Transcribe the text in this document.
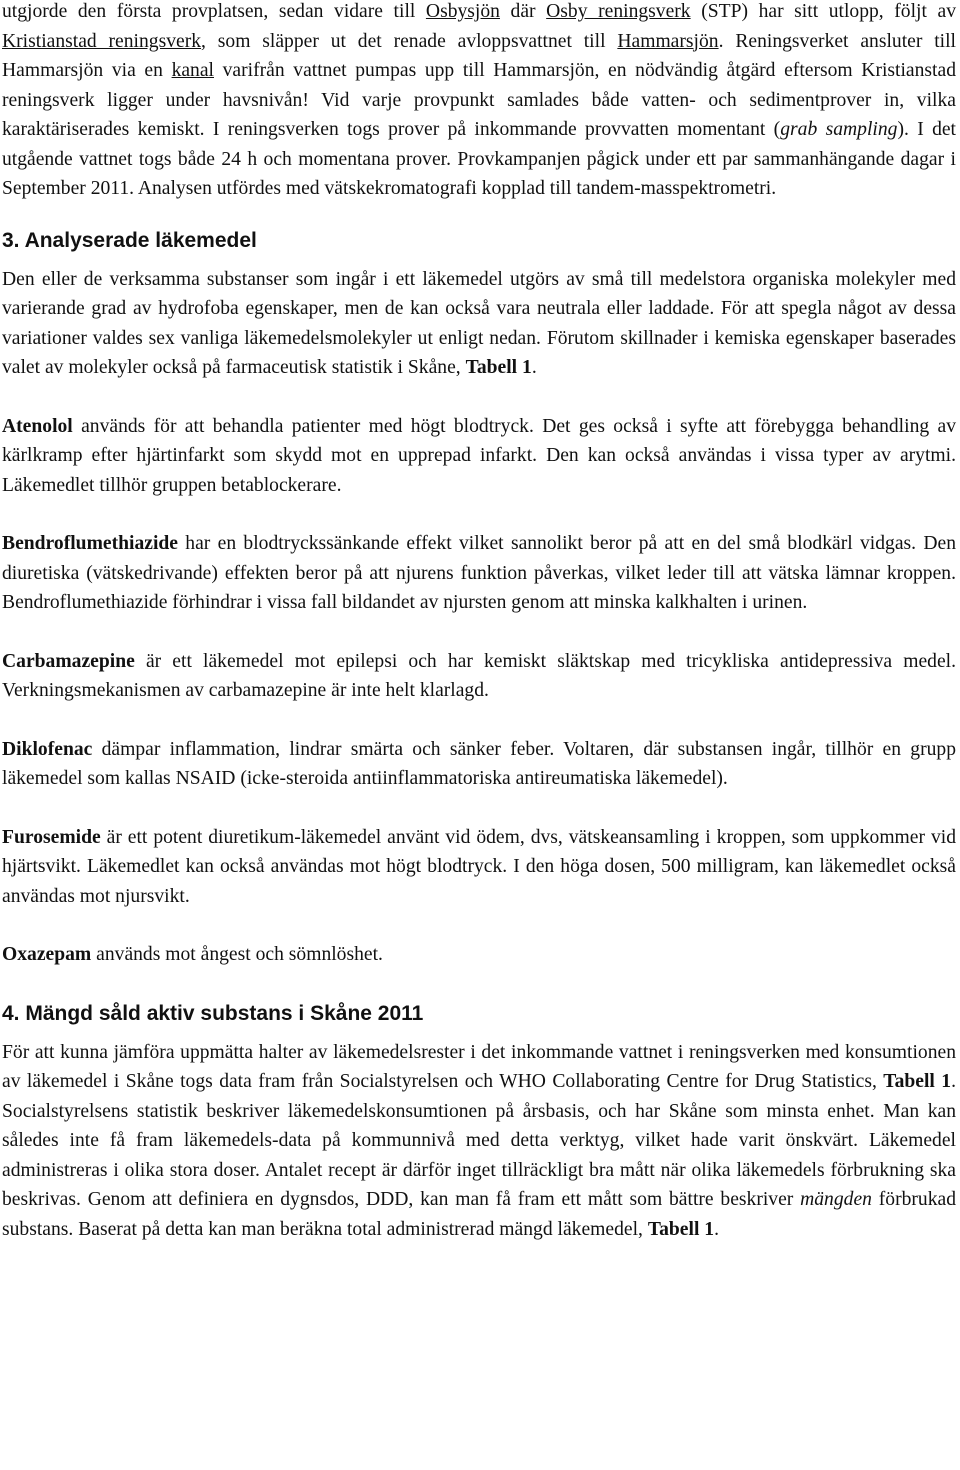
utgjorde den första provplatsen, sedan vidare till Osbysjön där Osby reningsverk (STP) har sitt utlopp, följt av Kristianstad reningsverk, som släpper ut det renade avloppsvattnet till Hammarsjön. Reningsverket ansluter till Hammarsjön via en kanal varifrån vattnet pumpas upp till Hammarsjön, en nödvändig åtgärd eftersom Kristianstad reningsverk ligger under havsnivån! Vid varje provpunkt samlades både vatten- och sedimentprover in, vilka karaktäriserades kemiskt. I reningsverken togs prover på inkommande provvatten momentant (grab sampling). I det utgående vattnet togs både 24 h och momentana prover. Provkampanjen pågick under ett par sammanhängande dagar i September 2011. Analysen utfördes med vätskekromatografi kopplad till tandem-masspektrometri.

3. Analyserade läkemedel

Den eller de verksamma substanser som ingår i ett läkemedel utgörs av små till medelstora organiska molekyler med varierande grad av hydrofoba egenskaper, men de kan också vara neutrala eller laddade. För att spegla något av dessa variationer valdes sex vanliga läkemedelsmolekyler ut enligt nedan. Förutom skillnader i kemiska egenskaper baserades valet av molekyler också på farmaceutisk statistik i Skåne, Tabell 1.

Atenolol används för att behandla patienter med högt blodtryck. Det ges också i syfte att förebygga behandling av kärlkramp efter hjärtinfarkt som skydd mot en upprepad infarkt. Den kan också användas i vissa typer av arytmi. Läkemedlet tillhör gruppen betablockerare.

Bendroflumethiazide har en blodtryckssänkande effekt vilket sannolikt beror på att en del små blodkärl vidgas. Den diuretiska (vätskedrivande) effekten beror på att njurens funktion påverkas, vilket leder till att vätska lämnar kroppen. Bendroflumethiazide förhindrar i vissa fall bildandet av njursten genom att minska kalkhalten i urinen.

Carbamazepine är ett läkemedel mot epilepsi och har kemiskt släktskap med tricykliska antidepressiva medel. Verkningsmekanismen av carbamazepine är inte helt klarlagd.

Diklofenac dämpar inflammation, lindrar smärta och sänker feber. Voltaren, där substansen ingår, tillhör en grupp läkemedel som kallas NSAID (icke-steroida antiinflammatoriska antireumatiska läkemedel).

Furosemide är ett potent diuretikum-läkemedel använt vid ödem, dvs, vätskeansamling i kroppen, som uppkommer vid hjärtsvikt. Läkemedlet kan också användas mot högt blodtryck. I den höga dosen, 500 milligram, kan läkemedlet också användas mot njursvikt.

Oxazepam används mot ångest och sömnlöshet.

4. Mängd såld aktiv substans i Skåne 2011

För att kunna jämföra uppmätta halter av läkemedelsrester i det inkommande vattnet i reningsverken med konsumtionen av läkemedel i Skåne togs data fram från Socialstyrelsen och WHO Collaborating Centre for Drug Statistics, Tabell 1. Socialstyrelsens statistik beskriver läkemedelskonsumtionen på årsbasis, och har Skåne som minsta enhet. Man kan således inte få fram läkemedels-data på kommunnivå med detta verktyg, vilket hade varit önskvärt. Läkemedel administreras i olika stora doser. Antalet recept är därför inget tillräckligt bra mått när olika läkemedels förbrukning ska beskrivas. Genom att definiera en dygnsdos, DDD, kan man få fram ett mått som bättre beskriver mängden förbrukad substans. Baserat på detta kan man beräkna total administrerad mängd läkemedel, Tabell 1.
